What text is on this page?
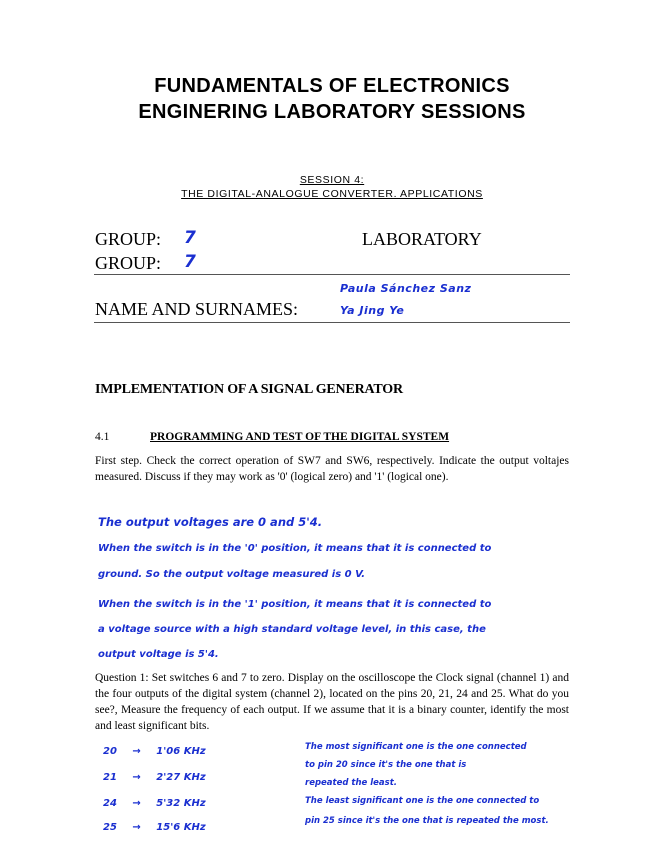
FUNDAMENTALS OF ELECTRONICS
ENGINERING LABORATORY SESSIONS
SESSION 4:
THE DIGITAL-ANALOGUE CONVERTER. APPLICATIONS
GROUP: 7	LABORATORY
GROUP: 7
Paula Sánchez Sanz
NAME AND SURNAMES:	Ya Jing Ye
IMPLEMENTATION OF A SIGNAL GENERATOR
4.1	PROGRAMMING AND TEST OF THE DIGITAL SYSTEM
First step. Check the correct operation of SW7 and SW6, respectively. Indicate the output voltajes measured. Discuss if they may work as '0' (logical zero) and '1' (logical one).
The output voltages are 0 and 5'4.
When the switch is in the '0' position, it means that it is connected to
ground. So the output voltage measured is 0 V.
When the switch is in the '1' position, it means that it is connected to
a voltage source with a high standard voltage level, in this case, the
output voltage is 5'4.
Question 1: Set switches 6 and 7 to zero. Display on the oscilloscope the Clock signal (channel 1) and the four outputs of the digital system (channel 2), located on the pins 20, 21, 24 and 25. What do you see?, Measure the frequency of each output. If we assume that it is a binary counter, identify the most and least significant bits.
20 → 1'06 KHz
21 → 2'27 KHz
24 → 5'32 KHz
25 → 15'6 KHz
The most significant one is the one connected
to pin 20 since it's the one that is
repeated the least.
The least significant one is the one connected to
pin 25 since it's the one that is repeated the most.
